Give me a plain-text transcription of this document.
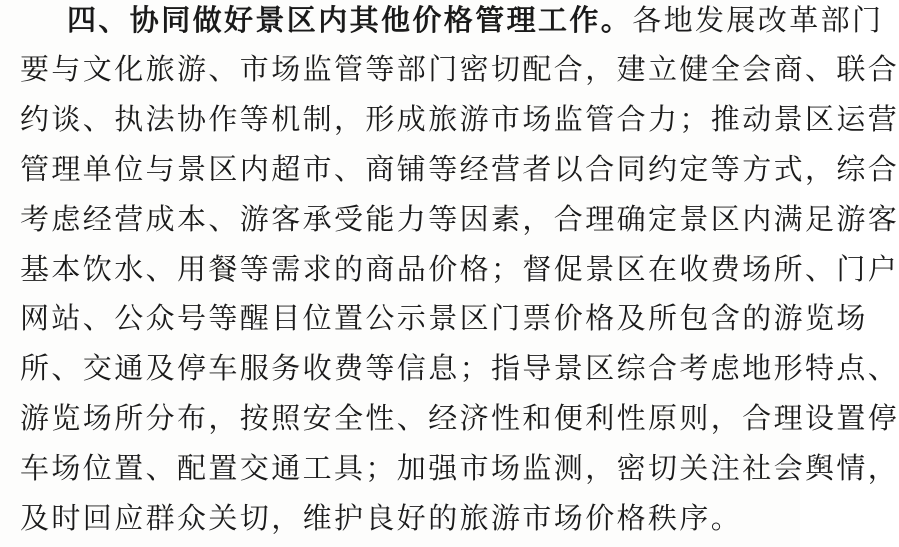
四、协同做好景区内其他价格管理工作。各地发展改革部门
要与文化旅游、市场监管等部门密切配合，建立健全会商、联合
约谈、执法协作等机制，形成旅游市场监管合力；推动景区运营
管理单位与景区内超市、商铺等经营者以合同约定等方式，综合
考虑经营成本、游客承受能力等因素，合理确定景区内满足游客
基本饮水、用餐等需求的商品价格；督促景区在收费场所、门户
网站、公众号等醒目位置公示景区门票价格及所包含的游览场
所、交通及停车服务收费等信息；指导景区综合考虑地形特点、
游览场所分布，按照安全性、经济性和便利性原则，合理设置停
车场位置、配置交通工具；加强市场监测，密切关注社会舆情，
及时回应群众关切，维护良好的旅游市场价格秩序。
